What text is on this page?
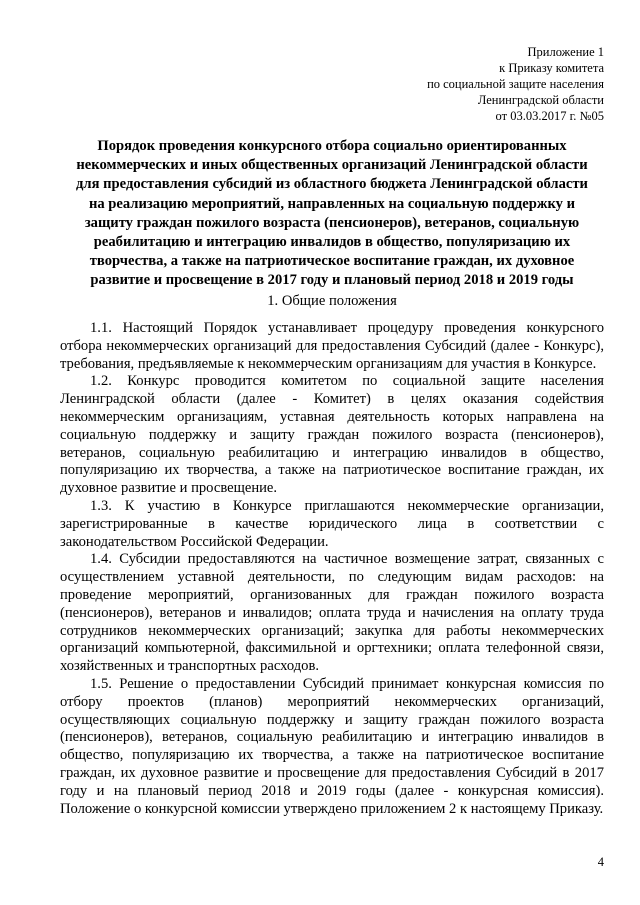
Приложение 1
к Приказу комитета
по социальной защите населения
Ленинградской области
от 03.03.2017 г. №05
Порядок проведения конкурсного отбора социально ориентированных
некоммерческих и иных общественных организаций Ленинградской области
для предоставления субсидий из областного бюджета Ленинградской области
на реализацию мероприятий, направленных на социальную поддержку и
защиту граждан пожилого возраста (пенсионеров), ветеранов, социальную
реабилитацию и интеграцию инвалидов в общество, популяризацию их
творчества, а также на патриотическое воспитание граждан, их духовное
развитие и просвещение в 2017 году и плановый период 2018 и 2019 годы
1. Общие положения

1.1. Настоящий Порядок устанавливает процедуру проведения конкурсного отбора некоммерческих организаций для предоставления Субсидий (далее - Конкурс), требования, предъявляемые к некоммерческим организациям для участия в Конкурсе.

1.2. Конкурс проводится комитетом по социальной защите населения Ленинградской области (далее - Комитет) в целях оказания содействия некоммерческим организациям, уставная деятельность которых направлена на социальную поддержку и защиту граждан пожилого возраста (пенсионеров), ветеранов, социальную реабилитацию и интеграцию инвалидов в общество, популяризацию их творчества, а также на патриотическое воспитание граждан, их духовное развитие и просвещение.

1.3. К участию в Конкурсе приглашаются некоммерческие организации, зарегистрированные в качестве юридического лица в соответствии с законодательством Российской Федерации.

1.4. Субсидии предоставляются на частичное возмещение затрат, связанных с осуществлением уставной деятельности, по следующим видам расходов: на проведение мероприятий, организованных для граждан пожилого возраста (пенсионеров), ветеранов и инвалидов; оплата труда и начисления на оплату труда сотрудников некоммерческих организаций; закупка для работы некоммерческих организаций компьютерной, факсимильной и оргтехники; оплата телефонной связи, хозяйственных и транспортных расходов.

1.5. Решение о предоставлении Субсидий принимает конкурсная комиссия по отбору проектов (планов) мероприятий некоммерческих организаций, осуществляющих социальную поддержку и защиту граждан пожилого возраста (пенсионеров), ветеранов, социальную реабилитацию и интеграцию инвалидов в общество, популяризацию их творчества, а также на патриотическое воспитание граждан, их духовное развитие и просвещение для предоставления Субсидий в 2017 году и на плановый период 2018 и 2019 годы (далее - конкурсная комиссия). Положение о конкурсной комиссии утверждено приложением 2 к настоящему Приказу.

4
